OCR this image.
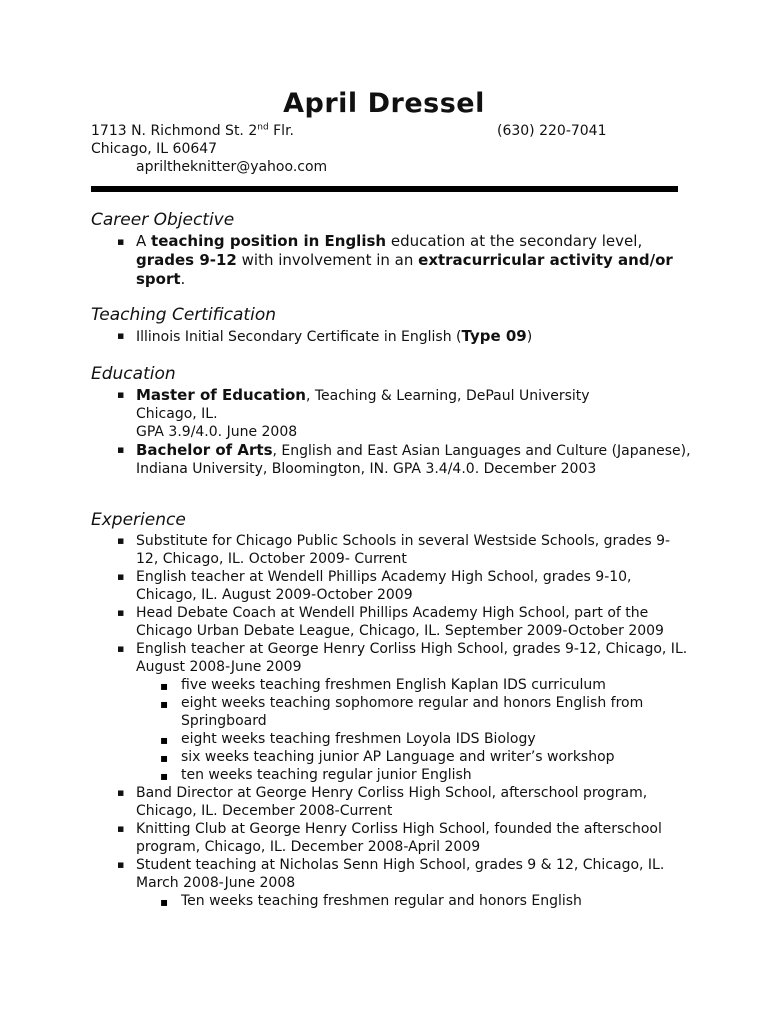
April Dressel
1713 N. Richmond St. 2nd Flr.	(630) 220-7041
Chicago, IL 60647
apriltheknitter@yahoo.com
Career Objective
▪ A teaching position in English education at the secondary level, grades 9-12 with involvement in an extracurricular activity and/or sport.
Teaching Certification
▪ Illinois Initial Secondary Certificate in English (Type 09)
Education
▪ Master of Education, Teaching & Learning, DePaul University
Chicago, IL.
GPA 3.9/4.0. June 2008
▪ Bachelor of Arts, English and East Asian Languages and Culture (Japanese), Indiana University, Bloomington, IN. GPA 3.4/4.0. December 2003
Experience
▪ Substitute for Chicago Public Schools in several Westside Schools, grades 9-12, Chicago, IL. October 2009- Current
▪ English teacher at Wendell Phillips Academy High School, grades 9-10, Chicago, IL. August 2009-October 2009
▪ Head Debate Coach at Wendell Phillips Academy High School, part of the Chicago Urban Debate League, Chicago, IL. September 2009-October 2009
▪ English teacher at George Henry Corliss High School, grades 9-12, Chicago, IL. August 2008-June 2009
▪ five weeks teaching freshmen English Kaplan IDS curriculum
▪ eight weeks teaching sophomore regular and honors English from Springboard
▪ eight weeks teaching freshmen Loyola IDS Biology
▪ six weeks teaching junior AP Language and writer’s workshop
▪ ten weeks teaching regular junior English
▪ Band Director at George Henry Corliss High School, afterschool program, Chicago, IL. December 2008-Current
▪ Knitting Club at George Henry Corliss High School, founded the afterschool program, Chicago, IL. December 2008-April 2009
▪ Student teaching at Nicholas Senn High School, grades 9 & 12, Chicago, IL. March 2008-June 2008
▪ Ten weeks teaching freshmen regular and honors English
